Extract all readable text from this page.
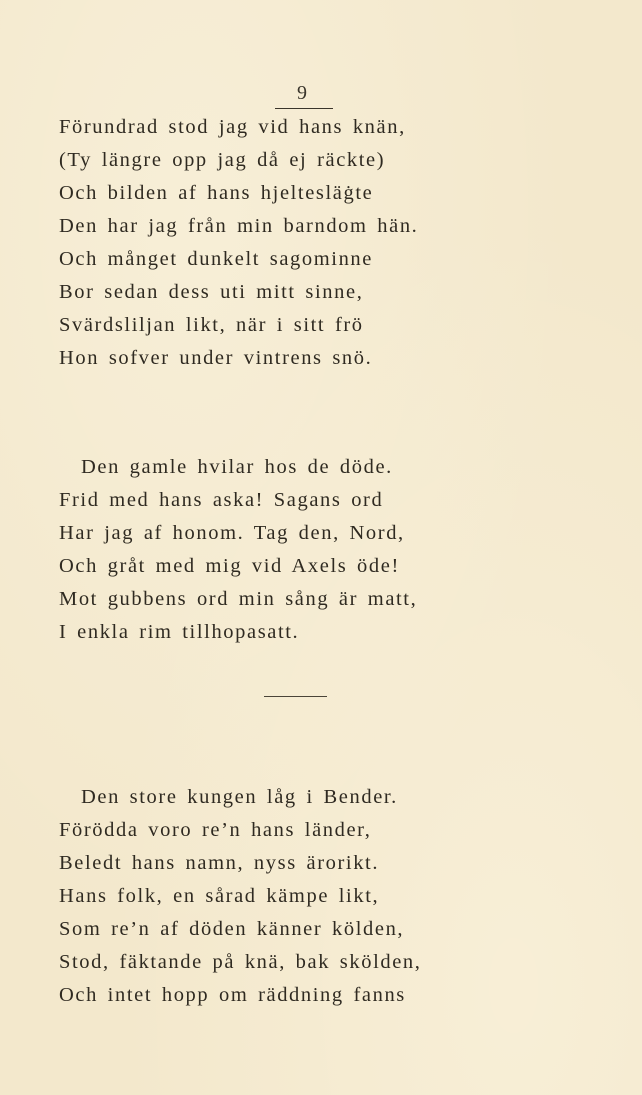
9
Förundrad stod jag vid hans knän,
(Ty längre opp jag då ej räckte)
Och bilden af hans hjeltesläġte
Den har jag från min barndom hän.
Och månget dunkelt sagominne
Bor sedan dess uti mitt sinne,
Svärdsliljan likt, när i sitt frö
Hon sofver under vintrens snö.
Den gamle hvilar hos de döde.
Frid med hans aska! Sagans ord
Har jag af honom. Tag den, Nord,
Och gråt med mig vid Axels öde!
Mot gubbens ord min sång är matt,
I enkla rim tillhopasatt.
Den store kungen låg i Bender.
Förödda voro re’n hans länder,
Beledt hans namn, nyss ärorikt.
Hans folk, en sårad kämpe likt,
Som re’n af döden känner kölden,
Stod, fäktande på knä, bak skölden,
Och intet hopp om räddning fanns
